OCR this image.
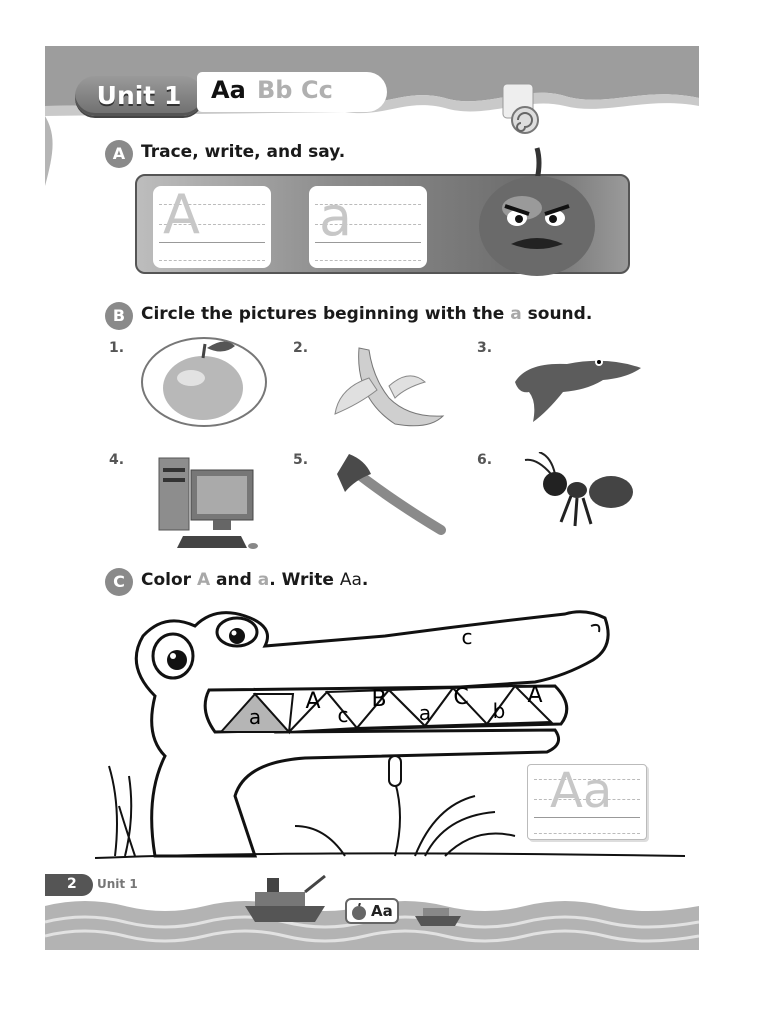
Unit 1	Aa Bb Cc
A Trace, write, and say.
A a
B Circle the pictures beginning with the a sound.
1.	2.	3.
4.	5.	6.
C Color A and a. Write Aa.
a
A
c
B
a
C
b
A
c
Aa
2 Unit 1
Aa
